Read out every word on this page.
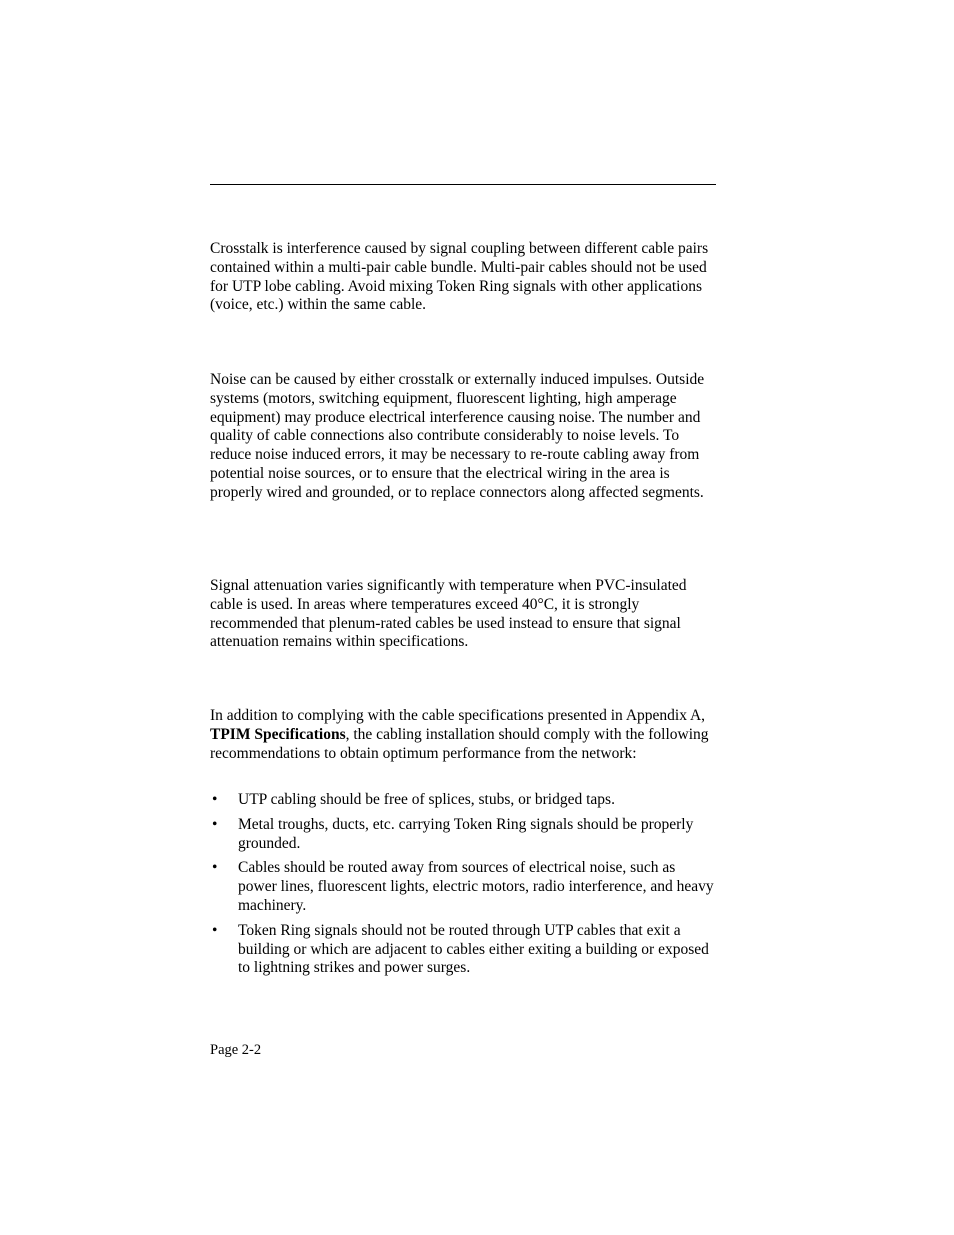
Crosstalk is interference caused by signal coupling between different cable pairs contained within a multi-pair cable bundle. Multi-pair cables should not be used for UTP lobe cabling. Avoid mixing Token Ring signals with other applications (voice, etc.) within the same cable.

Noise can be caused by either crosstalk or externally induced impulses. Outside systems (motors, switching equipment, fluorescent lighting, high amperage equipment) may produce electrical interference causing noise. The number and quality of cable connections also contribute considerably to noise levels. To reduce noise induced errors, it may be necessary to re-route cabling away from potential noise sources, or to ensure that the electrical wiring in the area is properly wired and grounded, or to replace connectors along affected segments.

Signal attenuation varies significantly with temperature when PVC-insulated cable is used. In areas where temperatures exceed 40°C, it is strongly recommended that plenum-rated cables be used instead to ensure that signal attenuation remains within specifications.

In addition to complying with the cable specifications presented in Appendix A, TPIM Specifications, the cabling installation should comply with the following recommendations to obtain optimum performance from the network:

• UTP cabling should be free of splices, stubs, or bridged taps.
• Metal troughs, ducts, etc. carrying Token Ring signals should be properly grounded.
• Cables should be routed away from sources of electrical noise, such as power lines, fluorescent lights, electric motors, radio interference, and heavy machinery.
• Token Ring signals should not be routed through UTP cables that exit a building or which are adjacent to cables either exiting a building or exposed to lightning strikes and power surges.

Page 2-2
